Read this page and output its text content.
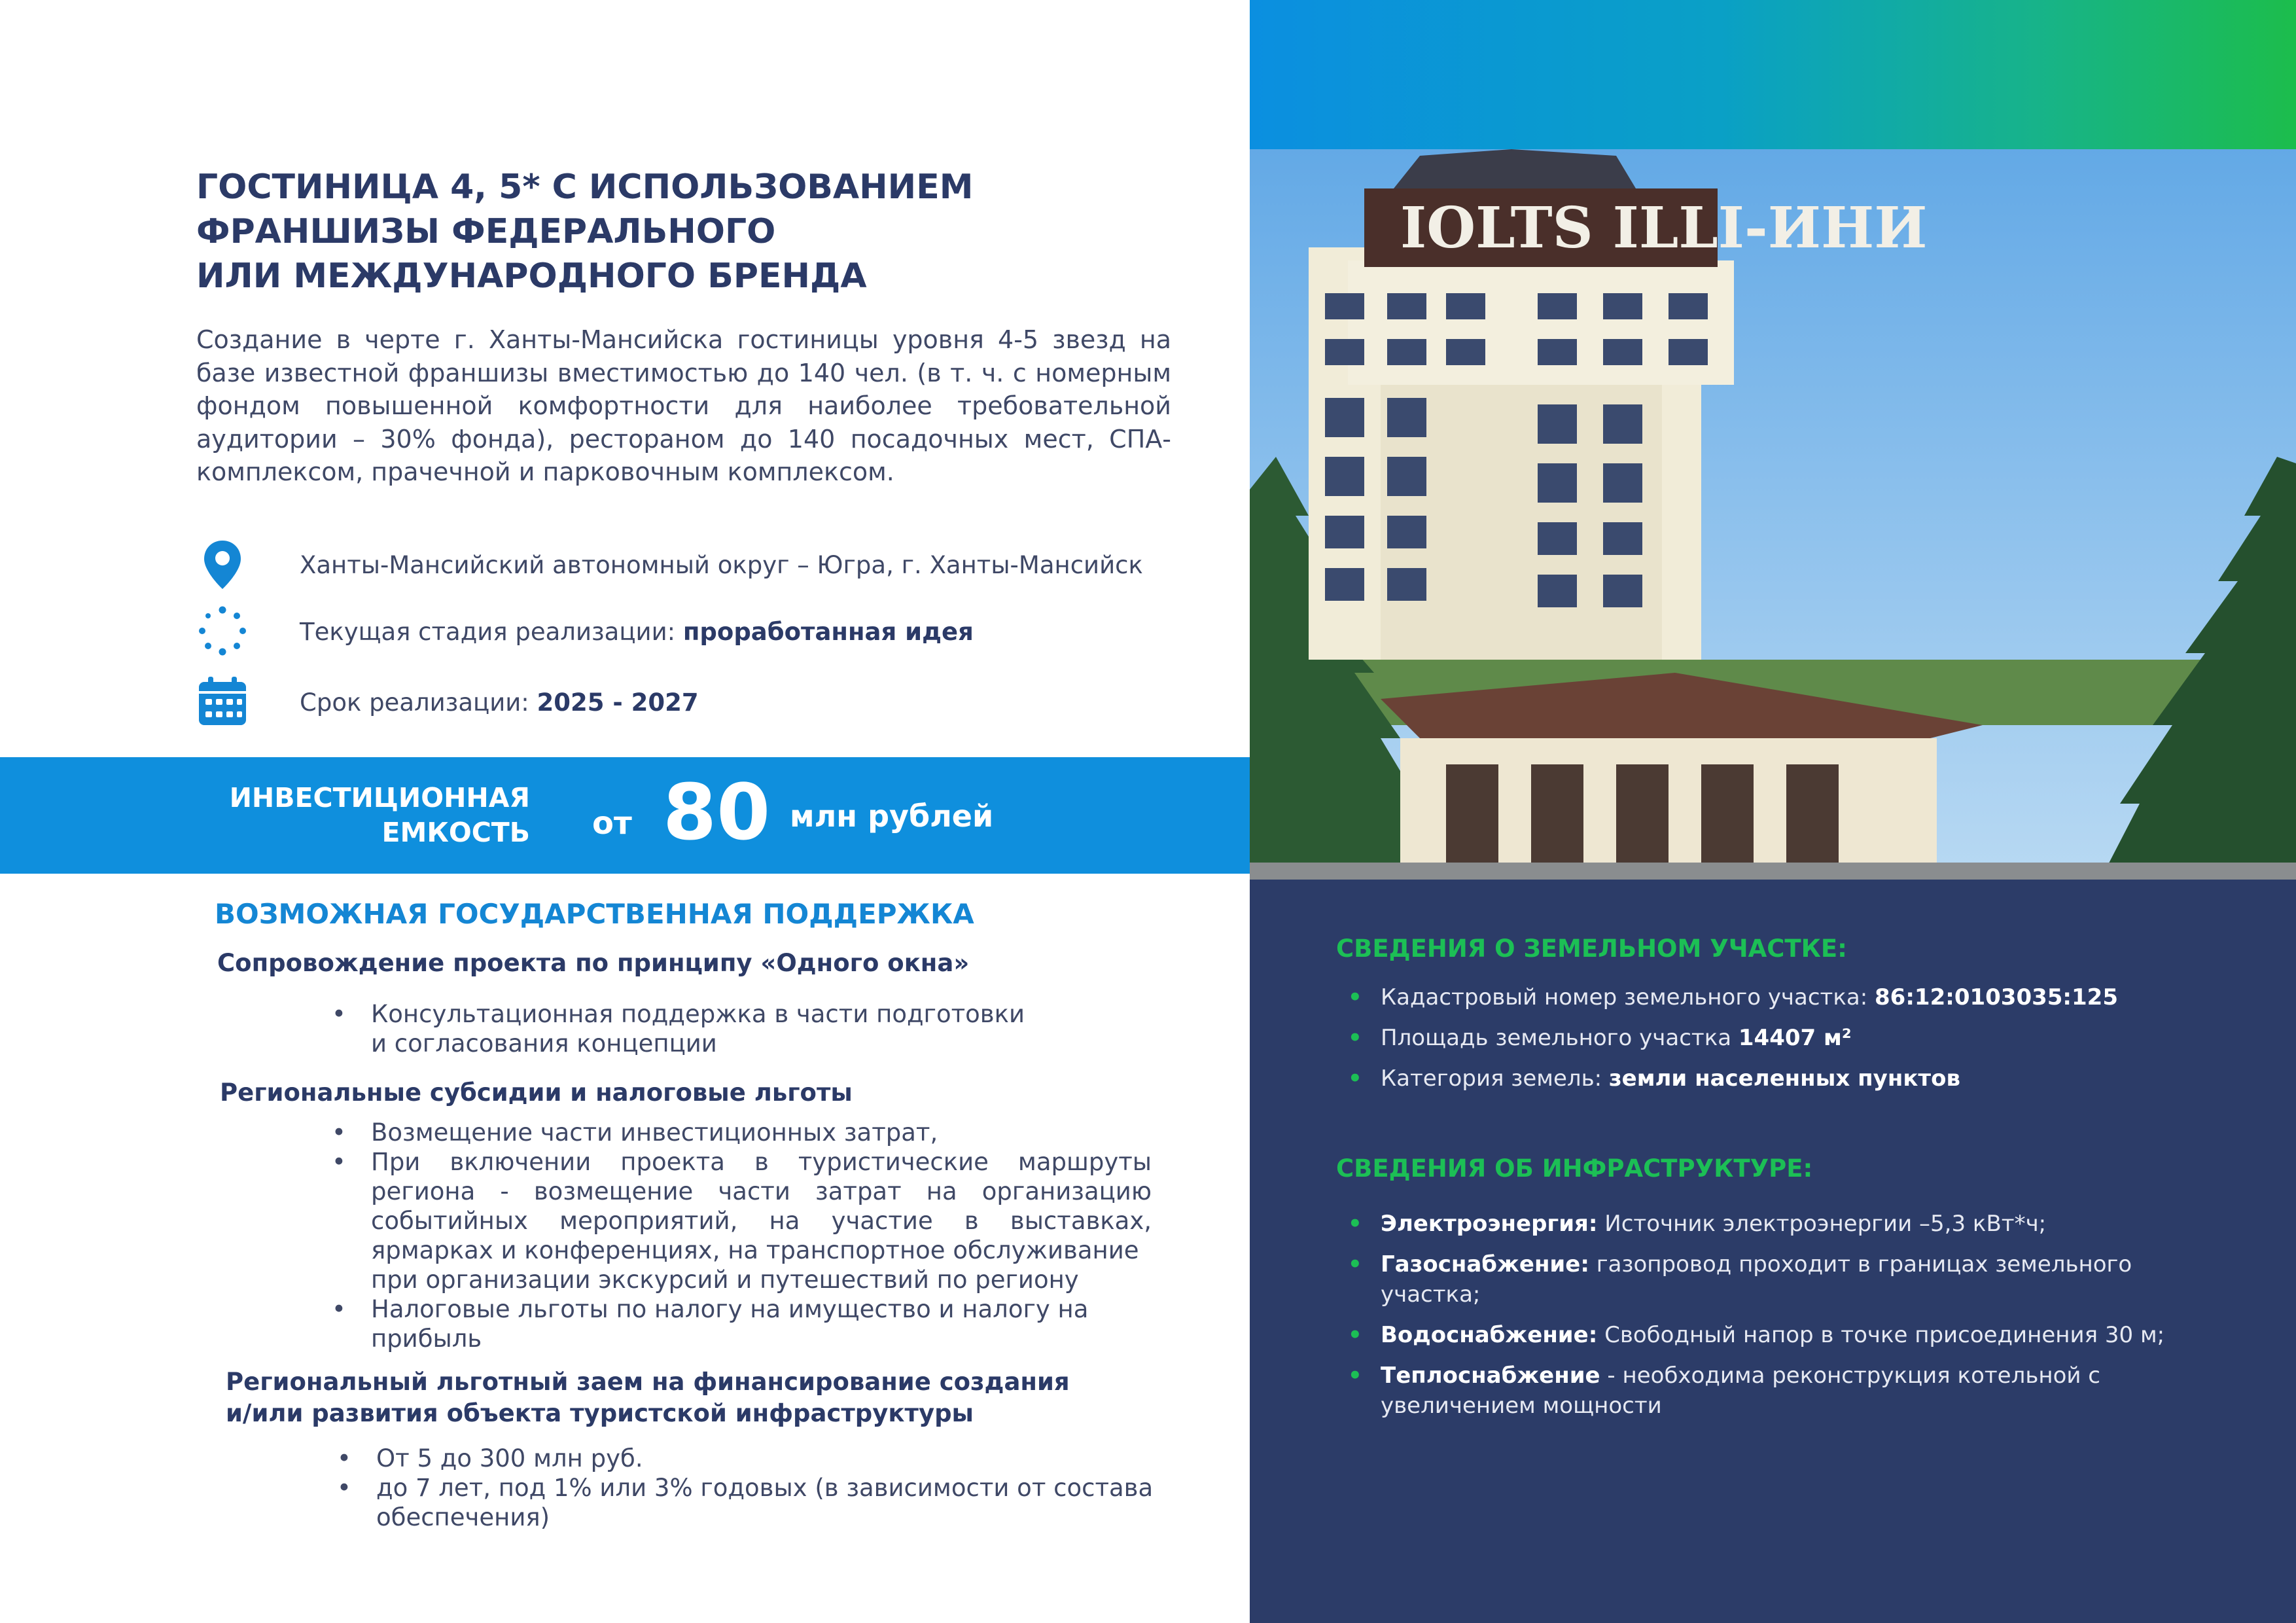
ГОСТИНИЦА 4, 5* С ИСПОЛЬЗОВАНИЕМ
ФРАНШИЗЫ ФЕДЕРАЛЬНОГО
ИЛИ МЕЖДУНАРОДНОГО БРЕНДА

Создание в черте г. Ханты-Мансийска гостиницы уровня 4-5 звезд на базе известной франшизы вместимостью до 140 чел. (в т. ч. с номерным фондом повышенной комфортности для наиболее требовательной аудитории – 30% фонда), рестораном до 140 посадочных мест, СПА-комплексом, прачечной и парковочным комплексом.

Ханты-Мансийский автономный округ – Югра, г. Ханты-Мансийск
Текущая стадия реализации: проработанная идея
Срок реализации: 2025 - 2027
ИНВЕСТИЦИОННАЯ
ЕМКОСТЬ от 80 млн рублей
ВОЗМОЖНАЯ ГОСУДАРСТВЕННАЯ ПОДДЕРЖКА
Сопровождение проекта по принципу «Одного окна»
• Консультационная поддержка в части подготовки
и согласования концепции
Региональные субсидии и налоговые льготы
• Возмещение части инвестиционных затрат,
• При включении проекта в туристические маршруты региона - возмещение части затрат на организацию событийных мероприятий, на участие в выставках, ярмарках и конференциях, на транспортное обслуживание
при организации экскурсий и путешествий по региону
• Налоговые льготы по налогу на имущество и налогу на
прибыль
Региональный льготный заем на финансирование создания
и/или развития объекта туристской инфраструктуры
• От 5 до 300 млн руб.
• до 7 лет, под 1% или 3% годовых (в зависимости от состава
обеспечения)
IOLTS ILLI-ИНИ
СВЕДЕНИЯ О ЗЕМЕЛЬНОМ УЧАСТКЕ:
• Кадастровый номер земельного участка: 86:12:0103035:125
• Площадь земельного участка 14407 м²
• Категория земель: земли населенных пунктов
СВЕДЕНИЯ ОБ ИНФРАСТРУКТУРЕ:
• Электроэнергия: Источник электроэнергии –5,3 кВт*ч;
• Газоснабжение: газопровод проходит в границах земельного
участка;
• Водоснабжение: Свободный напор в точке присоединения 30 м;
• Теплоснабжение - необходима реконструкция котельной с
увеличением мощности
